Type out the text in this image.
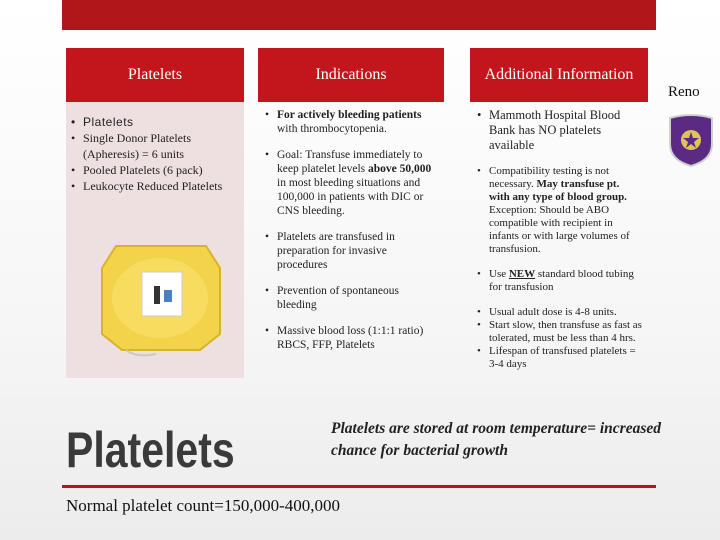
Platelets
• Platelets
• Single Donor Platelets (Apheresis) = 6 units
• Pooled Platelets (6 pack)
• Leukocyte Reduced Platelets
Indications
• For actively bleeding patients with thrombocytopenia.
• Goal: Transfuse immediately to keep platelet levels above 50,000 in most bleeding situations and 100,000 in patients with DIC or CNS bleeding.
• Platelets are transfused in preparation for invasive procedures
• Prevention of spontaneous bleeding
• Massive blood loss (1:1:1 ratio) RBCS, FFP, Platelets
Additional Information
• Mammoth Hospital Blood Bank has NO platelets available
• Compatibility testing is not necessary. May transfuse pt. with any type of blood group. Exception: Should be ABO compatible with recipient in infants or with large volumes of transfusion.
• Use NEW standard blood tubing for transfusion
• Usual adult dose is 4-8 units.
• Start slow, then transfuse as fast as tolerated, must be less than 4 hrs.
• Lifespan of transfused platelets = 3-4 days
Reno
Platelets	Platelets are stored at room temperature= increased chance for bacterial growth
Normal platelet count=150,000-400,000
